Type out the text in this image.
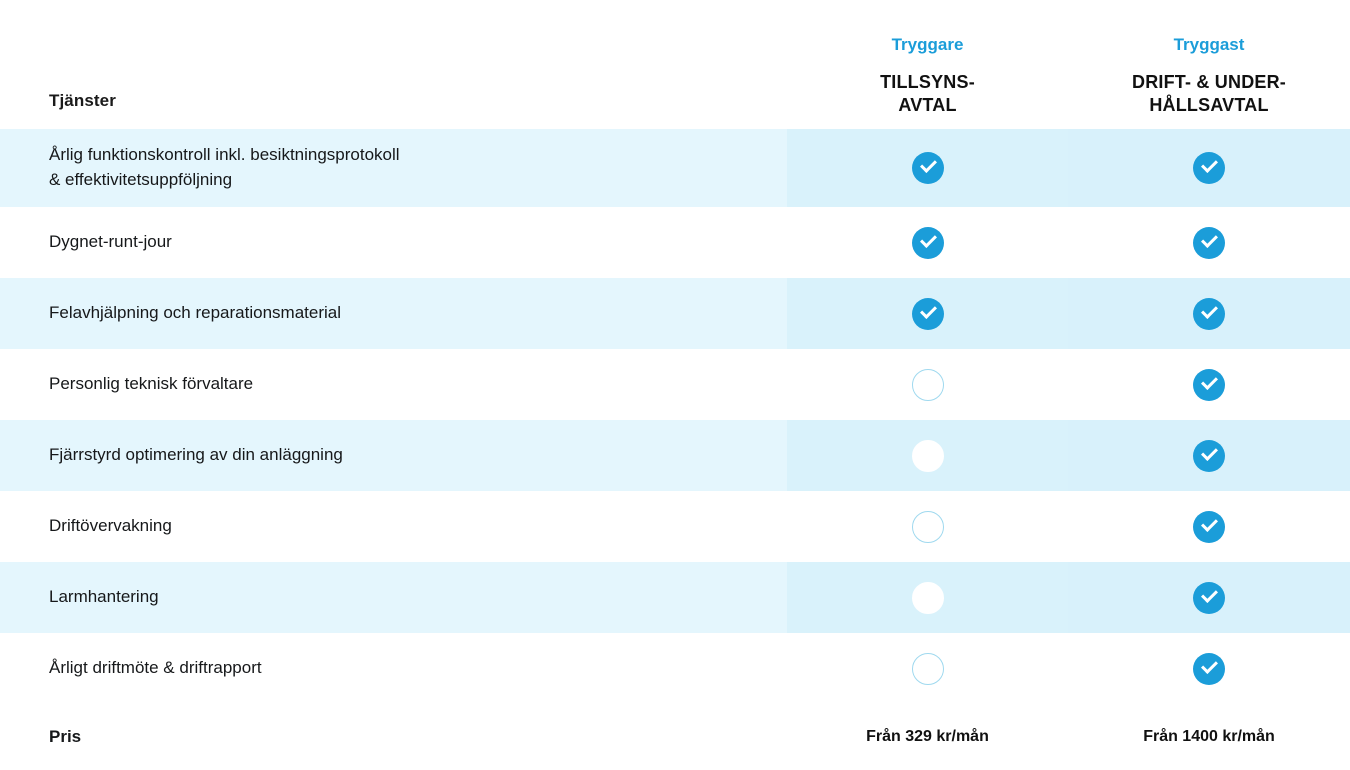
Tjänster
Tryggare
TILLSYNS-
AVTAL
Tryggast
DRIFT- & UNDER-
HÅLLSAVTAL
Årlig funktionskontroll inkl. besiktningsprotokoll
& effektivitetsuppföljning
Dygnet-runt-jour
Felavhjälpning och reparationsmaterial
Personlig teknisk förvaltare
Fjärrstyrd optimering av din anläggning
Driftövervakning
Larmhantering
Årligt driftmöte & driftrapport
Pris	Från 329 kr/mån	Från 1400 kr/mån
